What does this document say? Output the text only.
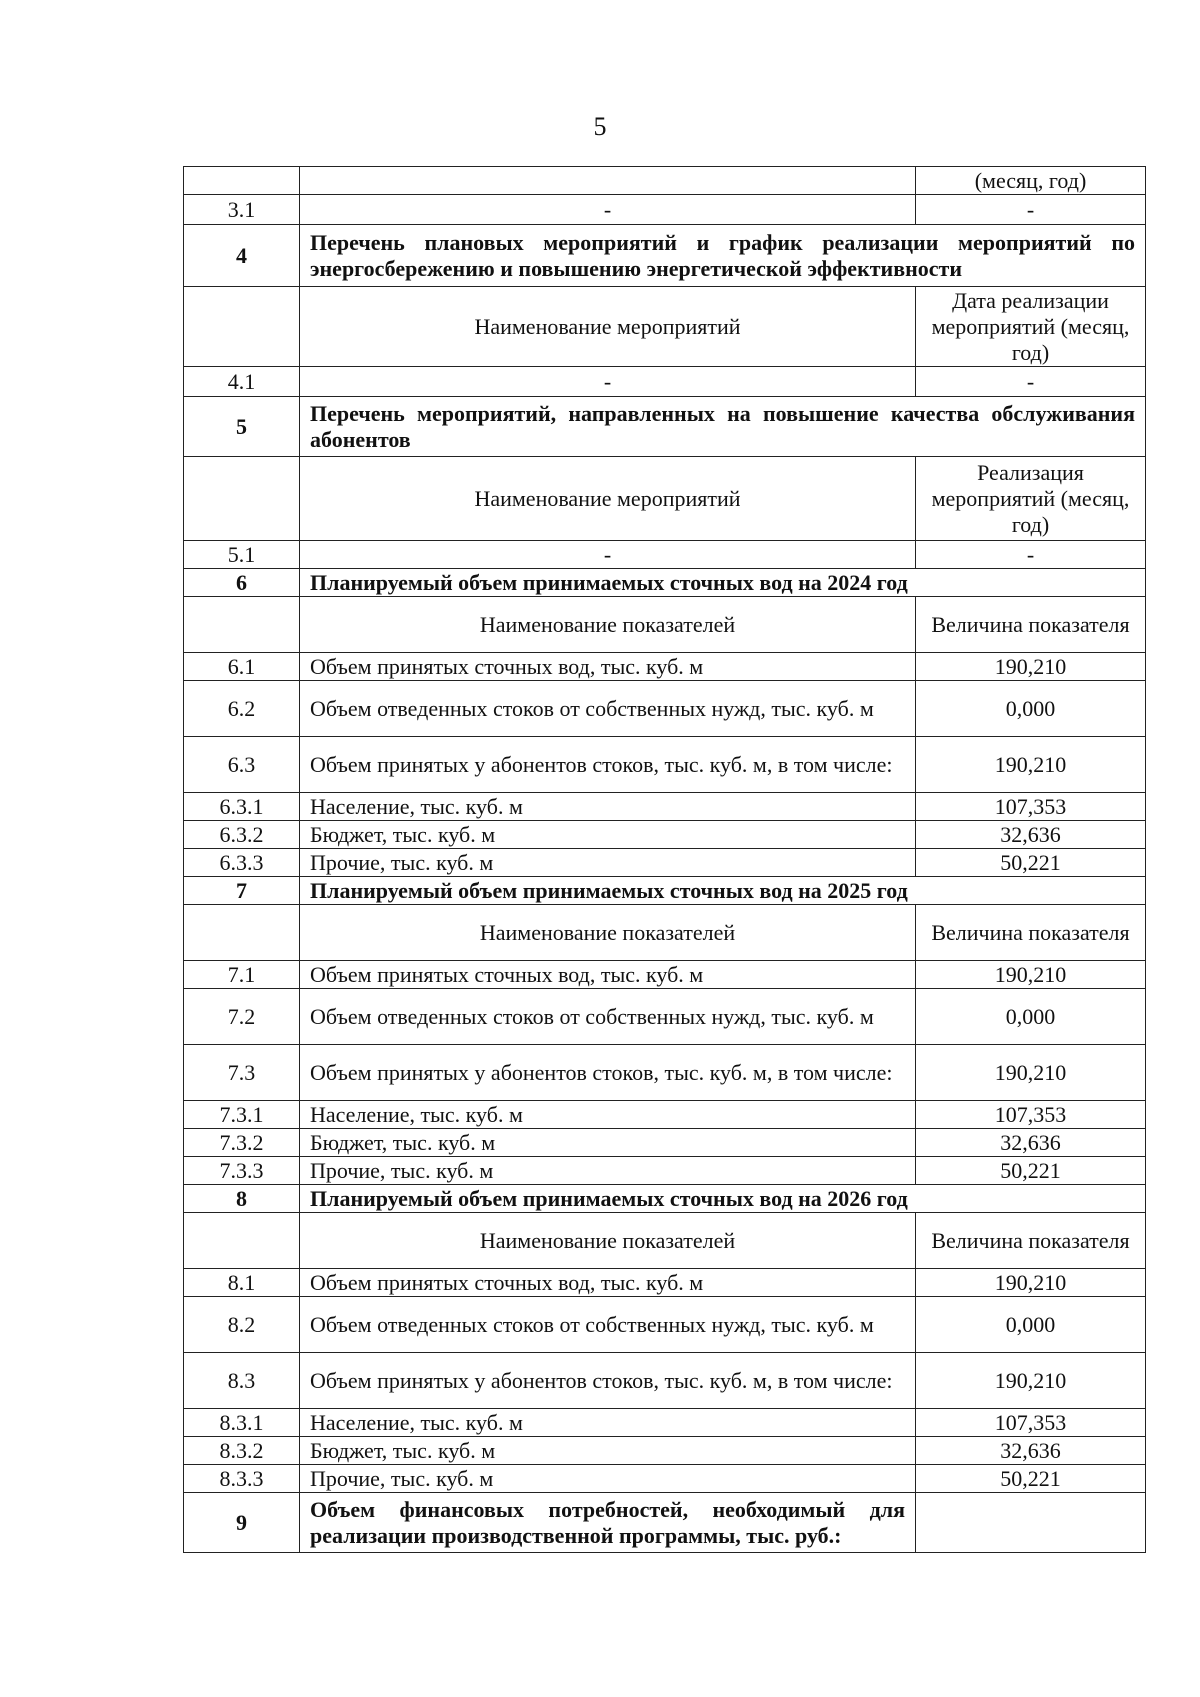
5
		(месяц, год)
3.1	-	-
4	Перечень плановых мероприятий и график реализации мероприятий по энергосбережению и повышению энергетической эффективности	
	Наименование мероприятий	Дата реализации мероприятий (месяц, год)
4.1	-	-
5	Перечень мероприятий, направленных на повышение качества обслуживания абонентов	
	Наименование мероприятий	Реализация мероприятий (месяц, год)
5.1	-	-
6	Планируемый объем принимаемых сточных вод на 2024 год	
	Наименование показателей	Величина показателя
6.1	Объем принятых сточных вод, тыс. куб. м	190,210
6.2	Объем отведенных стоков от собственных нужд, тыс. куб. м	0,000
6.3	Объем принятых у абонентов стоков, тыс. куб. м, в том числе:	190,210
6.3.1	Население, тыс. куб. м	107,353
6.3.2	Бюджет, тыс. куб. м	32,636
6.3.3	Прочие, тыс. куб. м	50,221
7	Планируемый объем принимаемых сточных вод на 2025 год	
	Наименование показателей	Величина показателя
7.1	Объем принятых сточных вод, тыс. куб. м	190,210
7.2	Объем отведенных стоков от собственных нужд, тыс. куб. м	0,000
7.3	Объем принятых у абонентов стоков, тыс. куб. м, в том числе:	190,210
7.3.1	Население, тыс. куб. м	107,353
7.3.2	Бюджет, тыс. куб. м	32,636
7.3.3	Прочие, тыс. куб. м	50,221
8	Планируемый объем принимаемых сточных вод на 2026 год	
	Наименование показателей	Величина показателя
8.1	Объем принятых сточных вод, тыс. куб. м	190,210
8.2	Объем отведенных стоков от собственных нужд, тыс. куб. м	0,000
8.3	Объем принятых у абонентов стоков, тыс. куб. м, в том числе:	190,210
8.3.1	Население, тыс. куб. м	107,353
8.3.2	Бюджет, тыс. куб. м	32,636
8.3.3	Прочие, тыс. куб. м	50,221
9	Объем финансовых потребностей, необходимый для реализации производственной программы, тыс. руб.:	
